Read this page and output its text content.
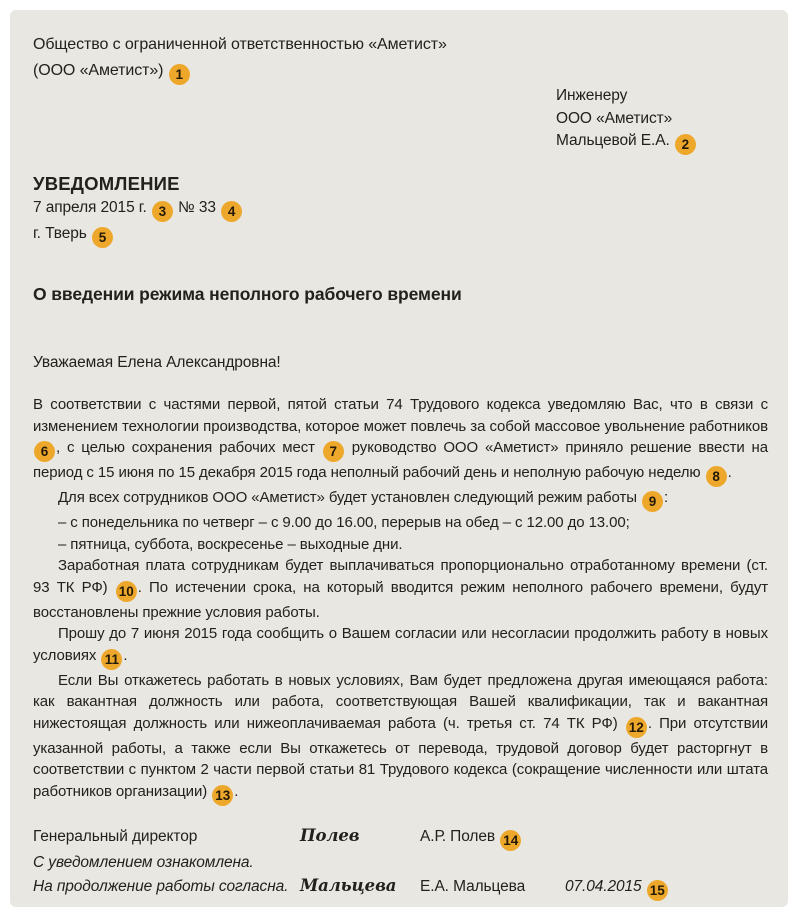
Общество с ограниченной ответственностью «Аметист»
(ООО «Аметист») 1
Инженеру
ООО «Аметист»
Мальцевой Е.А. 2
УВЕДОМЛЕНИЕ
7 апреля 2015 г. 3 № 33 4
г. Тверь 5
О введении режима неполного рабочего времени
Уважаемая Елена Александровна!

В соответствии с частями первой, пятой статьи 74 Трудового кодекса уведомляю Вас, что в связи с изменением технологии производства, которое может повлечь за собой массовое увольнение работников 6 , с целью сохранения рабочих мест 7 руководство ООО «Аметист» приняло решение ввести на период с 15 июня по 15 декабря 2015 года неполный рабочий день и неполную рабочую неделю 8 .

Для всех сотрудников ООО «Аметист» будет установлен следующий режим работы 9 :

– с понедельника по четверг – с 9.00 до 16.00, перерыв на обед – с 12.00 до 13.00;

– пятница, суббота, воскресенье – выходные дни.

Заработная плата сотрудникам будет выплачиваться пропорционально отработанному времени (ст. 93 ТК РФ) 10 . По истечении срока, на который вводится режим неполного рабочего времени, будут восстановлены прежние условия работы.

Прошу до 7 июня 2015 года сообщить о Вашем согласии или несогласии продолжить работу в новых условиях 11 .

Если Вы откажетесь работать в новых условиях, Вам будет предложена другая имеющаяся работа: как вакантная должность или работа, соответствующая Вашей квалификации, так и вакантная нижестоящая должность или нижеоплачиваемая работа (ч. третья ст. 74 ТК РФ) 12 . При отсутствии указанной работы, а также если Вы откажетесь от перевода, трудовой договор будет расторгнут в соответствии с пунктом 2 части первой статьи 81 Трудового кодекса (сокращение численности или штата работников организации) 13 .

Генеральный директор	Полев	А.Р. Полев 14
С уведомлением ознакомлена.
На продолжение работы согласна. Мальцева	Е.А. Мальцева	07.04.2015 15
